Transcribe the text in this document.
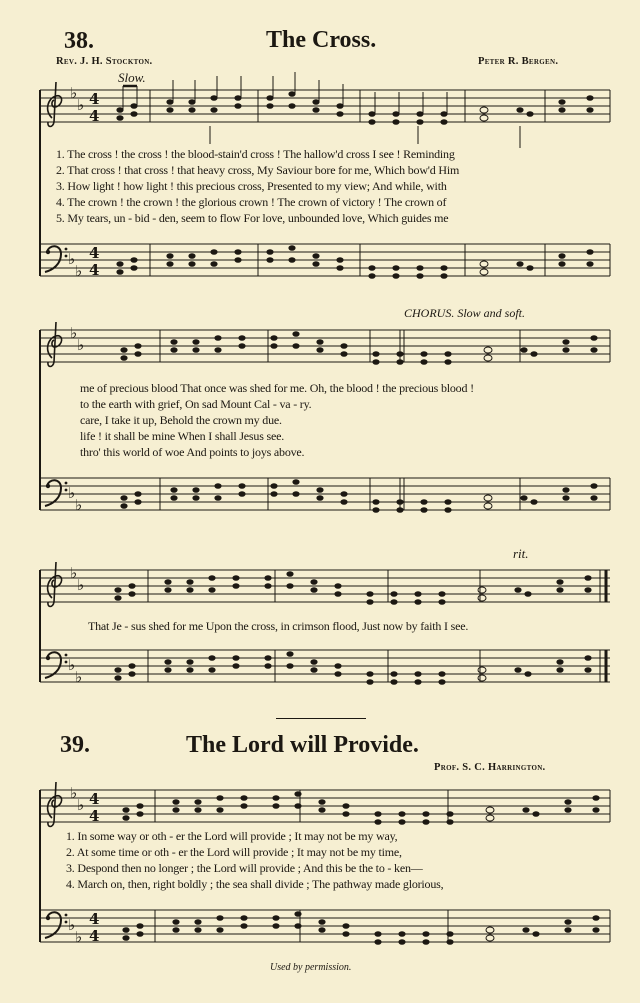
38.	The Cross.
Rev. J. H. Stockton.	Peter R. Bergen.
Slow.
♭
♭
♭
♭
♭
♭
♭
♭
♭
♭
♭
♭
♭
♭
♭
♭
4
4
4
4
4
4
4
4
1. The cross ! the cross ! the blood-stain'd cross ! The hallow'd cross I see ! Reminding
2. That cross ! that cross ! that heavy cross, My Saviour bore for me, Which bow'd Him
3. How light ! how light ! this precious cross, Presented to my view; And while, with
4. The crown ! the crown ! the glorious crown ! The crown of victory ! The crown of
5. My tears, un - bid - den, seem to flow For love, unbounded love, Which guides me
CHORUS. Slow and soft.
me of precious blood That once was shed for me. Oh, the blood ! the precious blood !
to the earth with grief, On sad Mount Cal - va - ry.
care, I take it up, Behold the crown my due.
life ! it shall be mine When I shall Jesus see.
thro' this world of woe And points to joys above.
rit.
That Je - sus shed for me Upon the cross, in crimson flood, Just now by faith I see.
39.	The Lord will Provide.
Prof. S. C. Harrington.
1. In some way or oth - er the Lord will provide ; It may not be my way,
2. At some time or oth - er the Lord will provide ; It may not be my time,
3. Despond then no longer ; the Lord will provide ; And this be the to - ken—
4. March on, then, right boldly ; the sea shall divide ; The pathway made glorious,
Used by permission.
